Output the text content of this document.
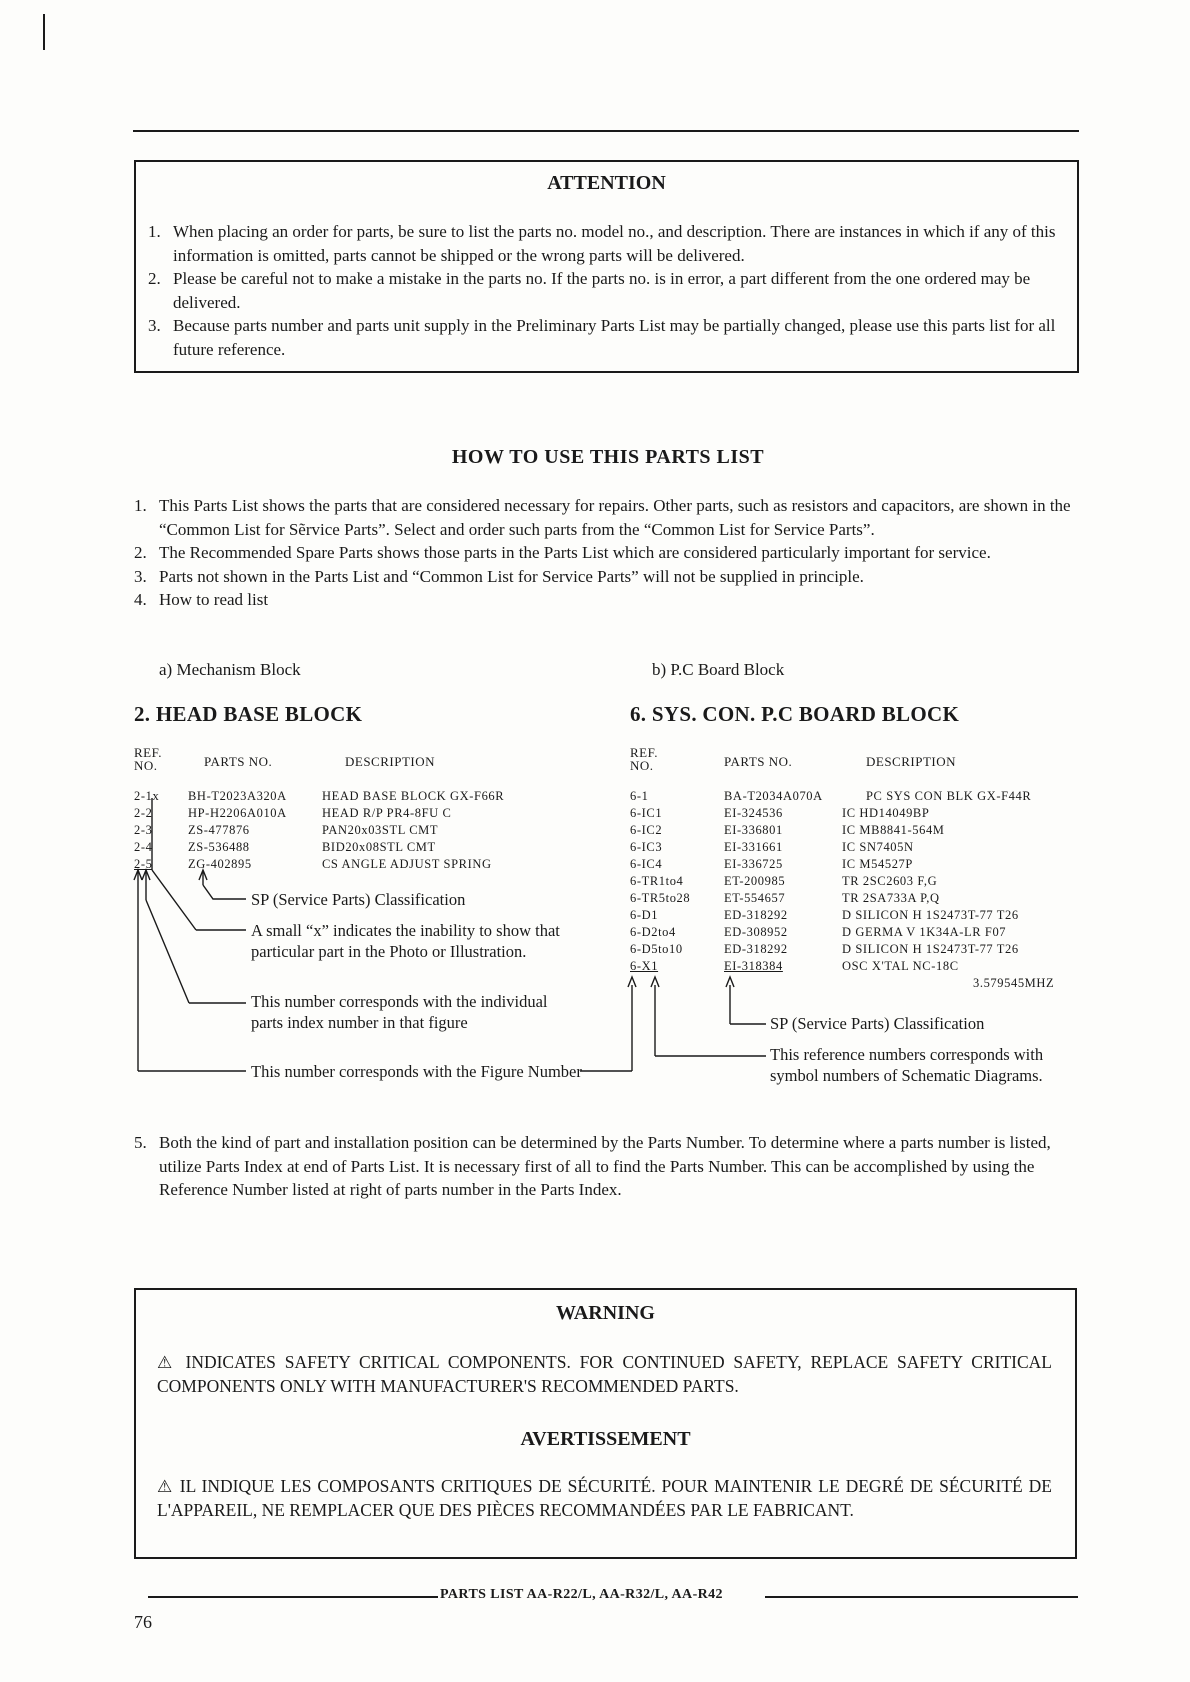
ATTENTION
1. When placing an order for parts, be sure to list the parts no. model no., and description. There are instances in which if any of this information is omitted, parts cannot be shipped or the wrong parts will be delivered.
2. Please be careful not to make a mistake in the parts no. If the parts no. is in error, a part different from the one ordered may be delivered.
3. Because parts number and parts unit supply in the Preliminary Parts List may be partially changed, please use this parts list for all future reference.
HOW TO USE THIS PARTS LIST
1. This Parts List shows the parts that are considered necessary for repairs. Other parts, such as resistors and capacitors, are shown in the “Common List for Sẽrvice Parts”. Select and order such parts from the “Common List for Service Parts”.
2. The Recommended Spare Parts shows those parts in the Parts List which are considered particularly important for service.
3. Parts not shown in the Parts List and “Common List for Service Parts” will not be supplied in principle.
4. How to read list
a) Mechanism Block	b) P.C Board Block
2. HEAD BASE BLOCK
REF.
NO.	PARTS NO.	DESCRIPTION
2-1x BH-T2023A320A	HEAD BASE BLOCK GX-F66R
2-2	HP-H2206A010A	HEAD R/P PR4-8FU C
2-3	ZS-477876	PAN20x03STL CMT
2-4	ZS-536488	BID20x08STL CMT
2-5	ZG-402895	CS ANGLE ADJUST SPRING
SP (Service Parts) Classification
A small “x” indicates the inability to show that particular part in the Photo or Illustration.
This number corresponds with the individual parts index number in that figure
This number corresponds with the Figure Number
6. SYS. CON. P.C BOARD BLOCK
REF.
NO.	PARTS NO.	DESCRIPTION
6-1	BA-T2034A070A	PC SYS CON BLK GX-F44R
6-IC1	EI-324536	IC HD14049BP
6-IC2	EI-336801	IC MB8841-564M
6-IC3	EI-331661	IC SN7405N
6-IC4	EI-336725	IC M54527P
6-TR1to4	ET-200985	TR 2SC2603 F,G
6-TR5to28	ET-554657	TR 2SA733A P,Q
6-D1	ED-318292	D SILICON H 1S2473T-77 T26
6-D2to4	ED-308952	D GERMA V 1K34A-LR F07
6-D5to10	ED-318292	D SILICON H 1S2473T-77 T26
6-X1	EI-318384	OSC X'TAL NC-18C
3.579545MHZ
SP (Service Parts) Classification
This reference numbers corresponds with symbol numbers of Schematic Diagrams.
5. Both the kind of part and installation position can be determined by the Parts Number. To determine where a parts number is listed, utilize Parts Index at end of Parts List. It is necessary first of all to find the Parts Number. This can be accomplished by using the Reference Number listed at right of parts number in the Parts Index.
WARNING
⚠ INDICATES SAFETY CRITICAL COMPONENTS. FOR CONTINUED SAFETY, REPLACE SAFETY CRITICAL COMPONENTS ONLY WITH MANUFACTURER'S RECOMMENDED PARTS.
AVERTISSEMENT
⚠ IL INDIQUE LES COMPOSANTS CRITIQUES DE SÉCURITÉ. POUR MAINTENIR LE DEGRÉ DE SÉCURITÉ DE L'APPAREIL, NE REMPLACER QUE DES PIÈCES RECOMMANDÉES PAR LE FABRICANT.
PARTS LIST AA-R22/L, AA-R32/L, AA-R42
76
